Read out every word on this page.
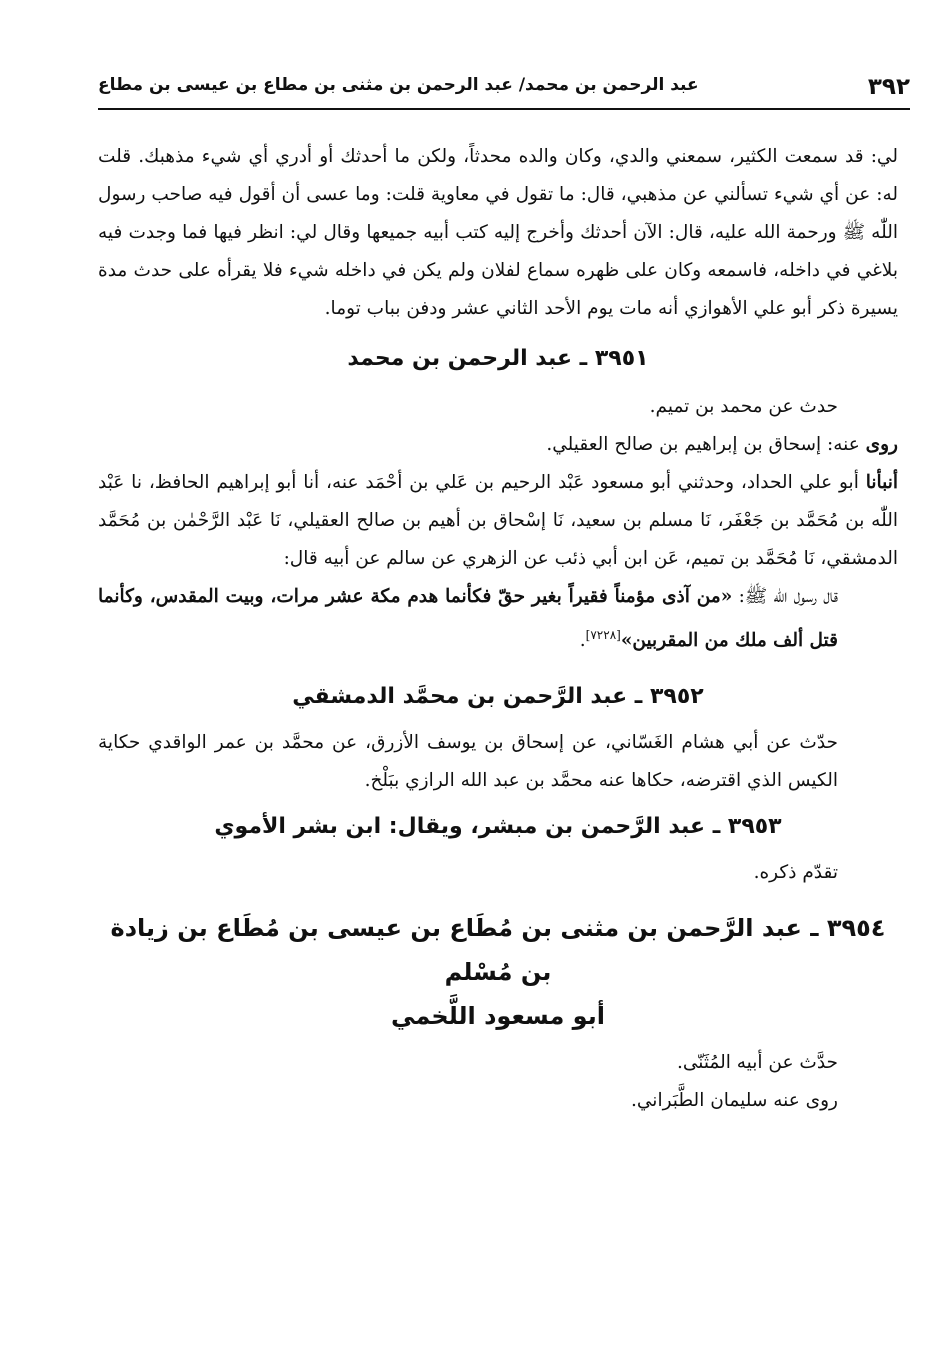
٣٩٢
عبد الرحمن بن محمد/ عبد الرحمن بن مثنى بن مطاع بن عيسى بن مطاع

لي: قد سمعت الكثير، سمعني والدي، وكان والده محدثاً، ولكن ما أحدثك أو أدري أي شيء مذهبك. قلت له: عن أي شيء تسألني عن مذهبي، قال: ما تقول في معاوية قلت: وما عسى أن أقول فيه صاحب رسول اللّٰه ﷺ ورحمة الله عليه، قال: الآن أحدثك وأخرج إليه كتب أبيه جميعها وقال لي: انظر فيها فما وجدت فيه بلاغي في داخله، فاسمعه وكان على ظهره سماع لفلان ولم يكن في داخله شيء فلا يقرأه على حدث مدة يسيرة ذكر أبو علي الأهوازي أنه مات يوم الأحد الثاني عشر ودفن بباب توما.

٣٩٥١ ـ عبد الرحمن بن محمد

حدث عن محمد بن تميم.

روى عنه: إسحاق بن إبراهيم بن صالح العقيلي.

أنبأنا أبو علي الحداد، وحدثني أبو مسعود عَبْد الرحيم بن عَلي بن أحْمَد عنه، أنا أبو إبراهيم الحافظ، نا عَبْد اللّٰه بن مُحَمَّد بن جَعْفَر، نَا مسلم بن سعيد، نَا إسْحاق بن أهيم بن صالح العقيلي، نَا عَبْد الرَّحْمٰن بن مُحَمَّد الدمشقي، نَا مُحَمَّد بن تميم، عَن ابن أبي ذئب عن الزهري عن سالم عن أبيه قال:

قال رسول اللّٰه ﷺ: «من آذى مؤمناً فقيراً بغير حقّ فكأنما هدم مكة عشر مرات، وبيت المقدس، وكأنما قتل ألف ملك من المقربين»[٧٢٢٨].

٣٩٥٢ ـ عبد الرَّحمن بن محمَّد الدمشقي

حدّث عن أبي هشام الغَسّاني، عن إسحاق بن يوسف الأزرق، عن محمَّد بن عمر الواقدي حكاية الكيس الذي اقترضه، حكاها عنه محمَّد بن عبد الله الرازي ببَلْخ.

٣٩٥٣ ـ عبد الرَّحمن بن مبشر، ويقال: ابن بشر الأموي

تقدّم ذكره.

٣٩٥٤ ـ عبد الرَّحمن بن مثنى بن مُطَاع بن عيسى بن مُطَاع بن زيادة بن مُسْلم
أبو مسعود اللَّخمي

حدَّث عن أبيه المُثَنّى.

روى عنه سليمان الطَّبَراني.
